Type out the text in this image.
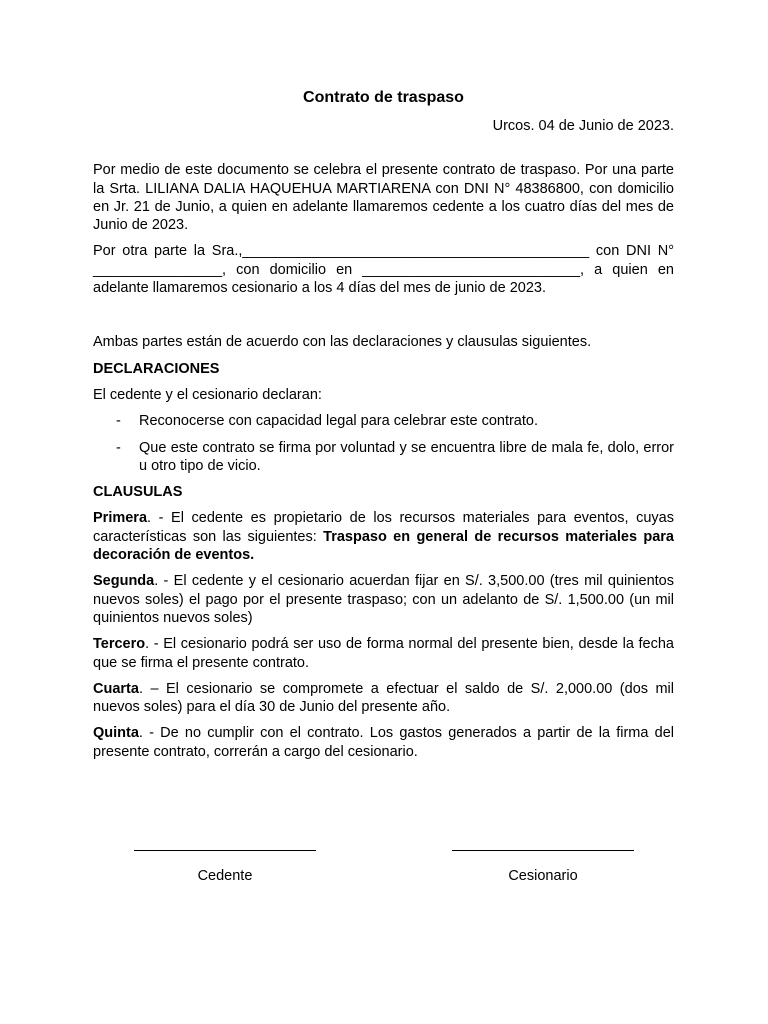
Contrato de traspaso

Urcos. 04 de Junio de 2023.

Por medio de este documento se celebra el presente contrato de traspaso. Por una parte la Srta. LILIANA DALIA HAQUEHUA MARTIARENA con DNI N° 48386800, con domicilio en Jr. 21 de Junio, a quien en adelante llamaremos cedente a los cuatro días del mes de Junio de 2023.

Por otra parte la Sra.,___________________________________________ con DNI N° ________________, con domicilio en ___________________________, a quien en adelante llamaremos cesionario a los 4 días del mes de junio de 2023.

Ambas partes están de acuerdo con las declaraciones y clausulas siguientes.

DECLARACIONES

El cedente y el cesionario declaran:

- Reconocerse con capacidad legal para celebrar este contrato.
- Que este contrato se firma por voluntad y se encuentra libre de mala fe, dolo, error u otro tipo de vicio.

CLAUSULAS

Primera. - El cedente es propietario de los recursos materiales para eventos, cuyas características son las siguientes: Traspaso en general de recursos materiales para decoración de eventos.

Segunda. - El cedente y el cesionario acuerdan fijar en S/. 3,500.00 (tres mil quinientos nuevos soles) el pago por el presente traspaso; con un adelanto de S/. 1,500.00 (un mil quinientos nuevos soles)

Tercero. - El cesionario podrá ser uso de forma normal del presente bien, desde la fecha que se firma el presente contrato.

Cuarta. – El cesionario se compromete a efectuar el saldo de S/. 2,000.00 (dos mil nuevos soles) para el día 30 de Junio del presente año.

Quinta. - De no cumplir con el contrato. Los gastos generados a partir de la firma del presente contrato, correrán a cargo del cesionario.

Cedente	Cesionario
